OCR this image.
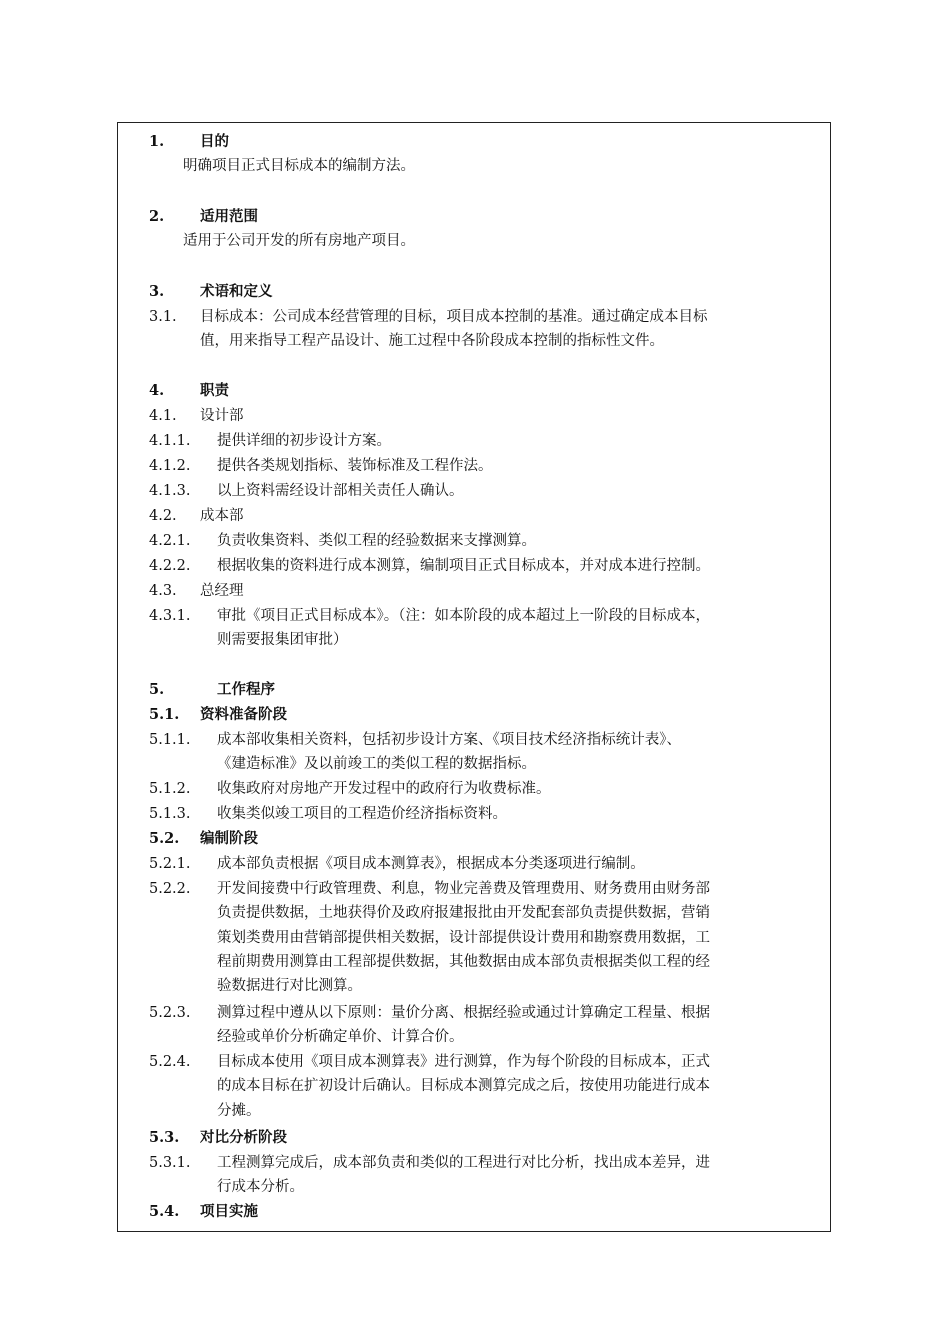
1. 目的
明确项目正式目标成本的编制方法。
2. 适用范围
适用于公司开发的所有房地产项目。
3. 术语和定义
3.1. 目标成本：公司成本经营管理的目标，项目成本控制的基准。通过确定成本目标
值，用来指导工程产品设计、施工过程中各阶段成本控制的指标性文件。
4. 职责
4.1. 设计部
4.1.1. 提供详细的初步设计方案。
4.1.2. 提供各类规划指标、装饰标准及工程作法。
4.1.3. 以上资料需经设计部相关责任人确认。
4.2. 成本部
4.2.1. 负责收集资料、类似工程的经验数据来支撑测算。
4.2.2. 根据收集的资料进行成本测算，编制项目正式目标成本，并对成本进行控制。
4.3. 总经理
4.3.1. 审批《项目正式目标成本》。（注：如本阶段的成本超过上一阶段的目标成本，
则需要报集团审批）
5.	工作程序
5.1. 资料准备阶段
5.1.1. 成本部收集相关资料，包括初步设计方案、《项目技术经济指标统计表》、
《建造标准》及以前竣工的类似工程的数据指标。
5.1.2. 收集政府对房地产开发过程中的政府行为收费标准。
5.1.3. 收集类似竣工项目的工程造价经济指标资料。
5.2. 编制阶段
5.2.1. 成本部负责根据《项目成本测算表》，根据成本分类逐项进行编制。
5.2.2. 开发间接费中行政管理费、利息，物业完善费及管理费用、财务费用由财务部
负责提供数据，土地获得价及政府报建报批由开发配套部负责提供数据，营销
策划类费用由营销部提供相关数据，设计部提供设计费用和勘察费用数据，工
程前期费用测算由工程部提供数据，其他数据由成本部负责根据类似工程的经
验数据进行对比测算。
5.2.3. 测算过程中遵从以下原则：量价分离、根据经验或通过计算确定工程量、根据
经验或单价分析确定单价、计算合价。
5.2.4. 目标成本使用《项目成本测算表》进行测算，作为每个阶段的目标成本，正式
的成本目标在扩初设计后确认。目标成本测算完成之后，按使用功能进行成本
分摊。
5.3. 对比分析阶段
5.3.1. 工程测算完成后，成本部负责和类似的工程进行对比分析，找出成本差异，进
行成本分析。
5.4. 项目实施
